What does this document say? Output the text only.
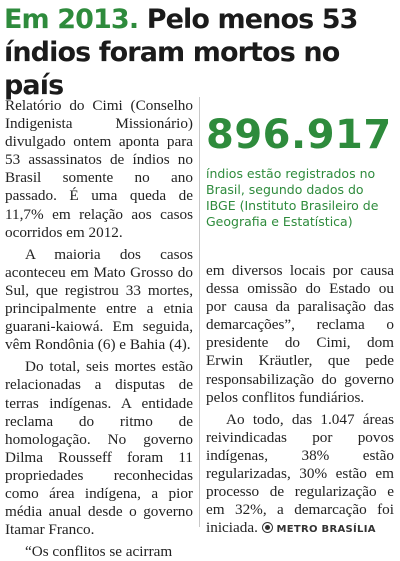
Em 2013. Pelo menos 53 índios foram mortos no país

Relatório do Cimi (Conselho Indigenista Missionário) divulgado ontem aponta para 53 assassinatos de índios no Brasil somente no ano passado. É uma queda de 11,7% em relação aos casos ocorridos em 2012.

A maioria dos casos aconteceu em Mato Grosso do Sul, que registrou 33 mortes, principalmente entre a etnia guarani-kaiowá. Em seguida, vêm Rondônia (6) e Bahia (4).

Do total, seis mortes estão relacionadas a disputas de terras indígenas. A entidade reclama do ritmo de homologação. No governo Dilma Rousseff foram 11 propriedades reconhecidas como área indígena, a pior média anual desde o governo Itamar Franco.

“Os conflitos se acirram

896.917
índios estão registrados no Brasil, segundo dados do IBGE (Instituto Brasileiro de Geografia e Estatística)

em diversos locais por causa dessa omissão do Estado ou por causa da paralisação das demarcações”, reclama o presidente do Cimi, dom Erwin Kräutler, que pede responsabilização do governo pelos conflitos fundiários.

Ao todo, das 1.047 áreas reivindicadas por povos indígenas, 38% estão regularizadas, 30% estão em processo de regularização e em 32%, a demarcação foi iniciada. METRO BRASÍLIA
